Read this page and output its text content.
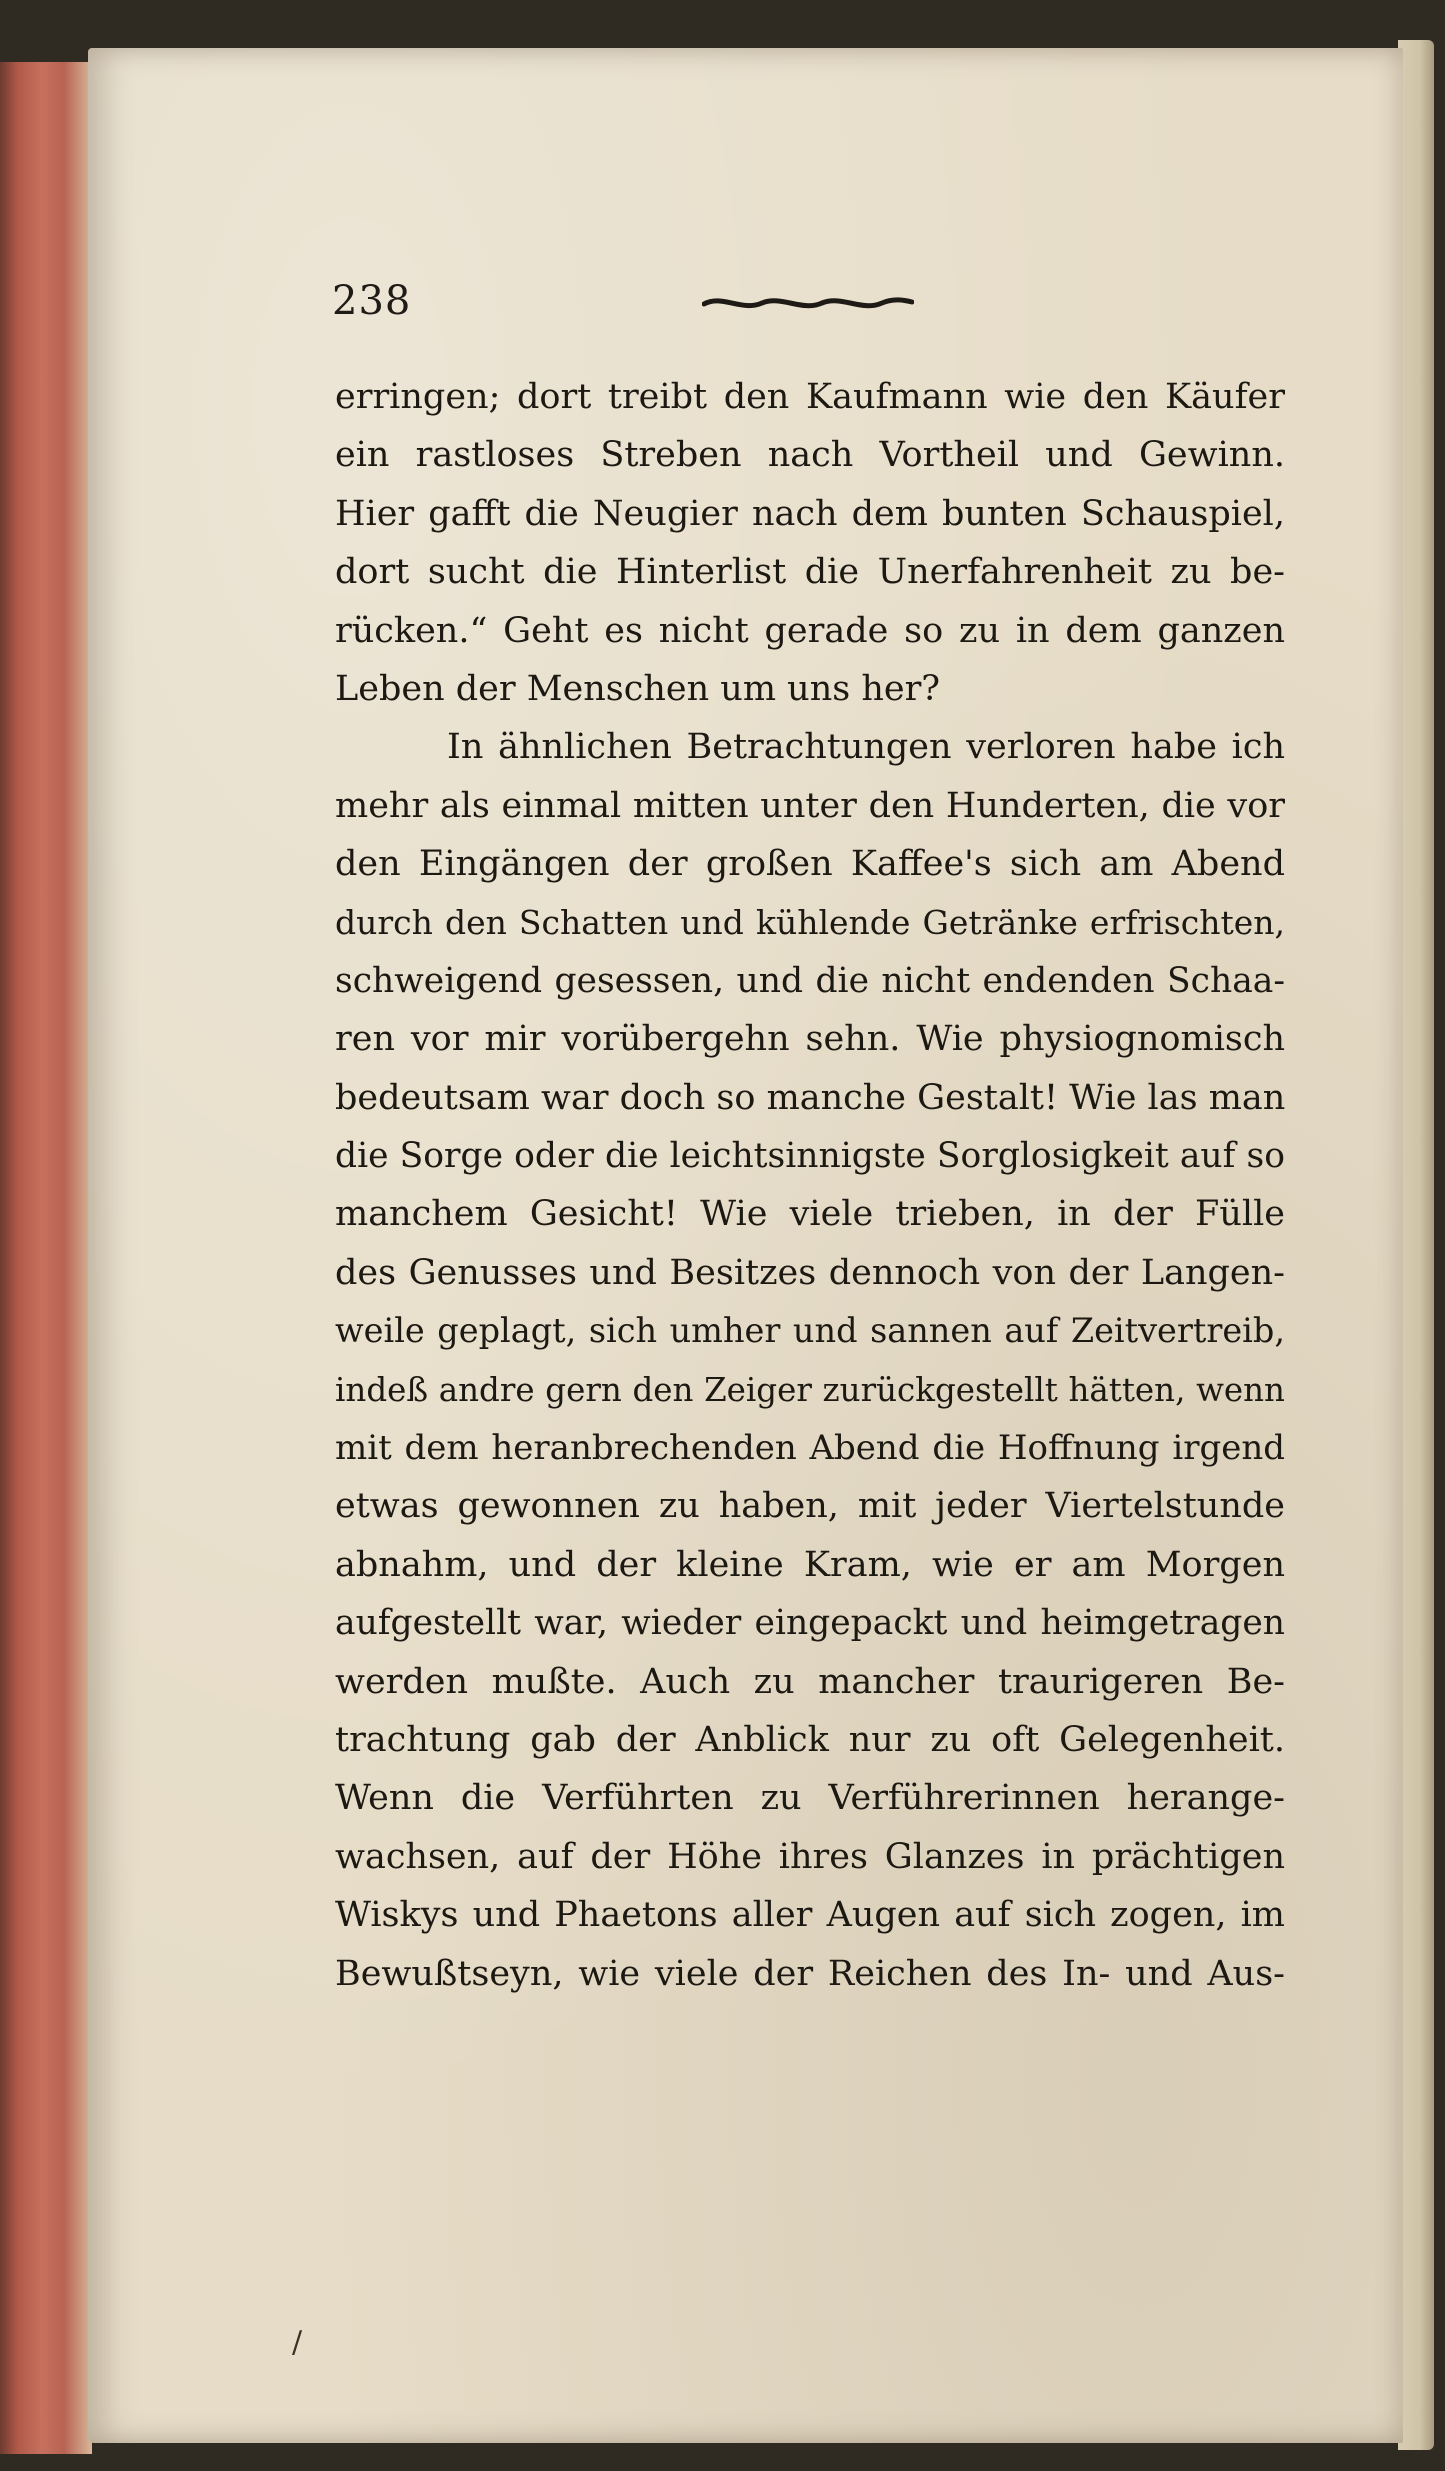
238
erringen; dort treibt den Kaufmann wie den Käufer
ein rastloses Streben nach Vortheil und Gewinn.
Hier gafft die Neugier nach dem bunten Schauspiel,
dort sucht die Hinterlist die Unerfahrenheit zu be-
rücken.“ Geht es nicht gerade so zu in dem ganzen
Leben der Menschen um uns her?
In ähnlichen Betrachtungen verloren habe ich
mehr als einmal mitten unter den Hunderten, die vor
den Eingängen der großen Kaffee's sich am Abend
durch den Schatten und kühlende Getränke erfrischten,
schweigend gesessen, und die nicht endenden Schaa-
ren vor mir vorübergehn sehn. Wie physiognomisch
bedeutsam war doch so manche Gestalt! Wie las man
die Sorge oder die leichtsinnigste Sorglosigkeit auf so
manchem Gesicht! Wie viele trieben, in der Fülle
des Genusses und Besitzes dennoch von der Langen-
weile geplagt, sich umher und sannen auf Zeitvertreib,
indeß andre gern den Zeiger zurückgestellt hätten, wenn
mit dem heranbrechenden Abend die Hoffnung irgend
etwas gewonnen zu haben, mit jeder Viertelstunde
abnahm, und der kleine Kram, wie er am Morgen
aufgestellt war, wieder eingepackt und heimgetragen
werden mußte. Auch zu mancher traurigeren Be-
trachtung gab der Anblick nur zu oft Gelegenheit.
Wenn die Verführten zu Verführerinnen herange-
wachsen, auf der Höhe ihres Glanzes in prächtigen
Wiskys und Phaetons aller Augen auf sich zogen, im
Bewußtseyn, wie viele der Reichen des In- und Aus-
/
